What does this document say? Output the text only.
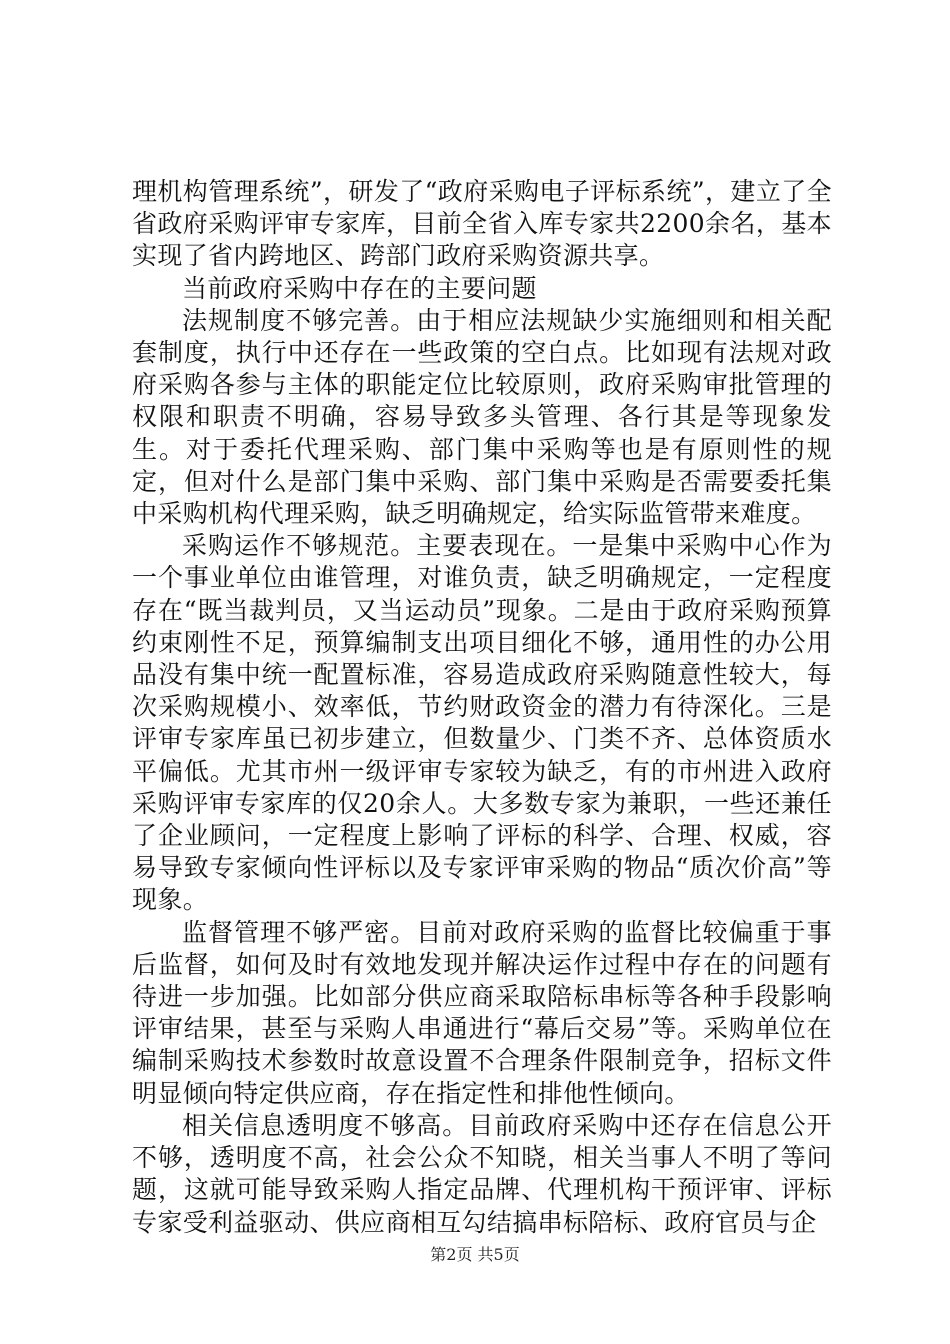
理机构管理系统”，研发了“政府采购电子评标系统”，建立了全省政府采购评审专家库，目前全省入库专家共2200余名，基本实现了省内跨地区、跨部门政府采购资源共享。

当前政府采购中存在的主要问题

法规制度不够完善。由于相应法规缺少实施细则和相关配套制度，执行中还存在一些政策的空白点。比如现有法规对政府采购各参与主体的职能定位比较原则，政府采购审批管理的权限和职责不明确，容易导致多头管理、各行其是等现象发生。对于委托代理采购、部门集中采购等也是有原则性的规定，但对什么是部门集中采购、部门集中采购是否需要委托集中采购机构代理采购，缺乏明确规定，给实际监管带来难度。

采购运作不够规范。主要表现在。一是集中采购中心作为一个事业单位由谁管理，对谁负责，缺乏明确规定，一定程度存在“既当裁判员，又当运动员”现象。二是由于政府采购预算约束刚性不足，预算编制支出项目细化不够，通用性的办公用品没有集中统一配置标准，容易造成政府采购随意性较大，每次采购规模小、效率低，节约财政资金的潜力有待深化。三是评审专家库虽已初步建立，但数量少、门类不齐、总体资质水平偏低。尤其市州一级评审专家较为缺乏，有的市州进入政府采购评审专家库的仅20余人。大多数专家为兼职，一些还兼任了企业顾问，一定程度上影响了评标的科学、合理、权威，容易导致专家倾向性评标以及专家评审采购的物品“质次价高”等现象。

监督管理不够严密。目前对政府采购的监督比较偏重于事后监督，如何及时有效地发现并解决运作过程中存在的问题有待进一步加强。比如部分供应商采取陪标串标等各种手段影响评审结果，甚至与采购人串通进行“幕后交易”等。采购单位在编制采购技术参数时故意设置不合理条件限制竞争，招标文件明显倾向特定供应商，存在指定性和排他性倾向。

相关信息透明度不够高。目前政府采购中还存在信息公开不够，透明度不高，社会公众不知晓，相关当事人不明了等问题，这就可能导致采购人指定品牌、代理机构干预评审、评标专家受利益驱动、供应商相互勾结搞串标陪标、政府官员与企

第2页 共5页
